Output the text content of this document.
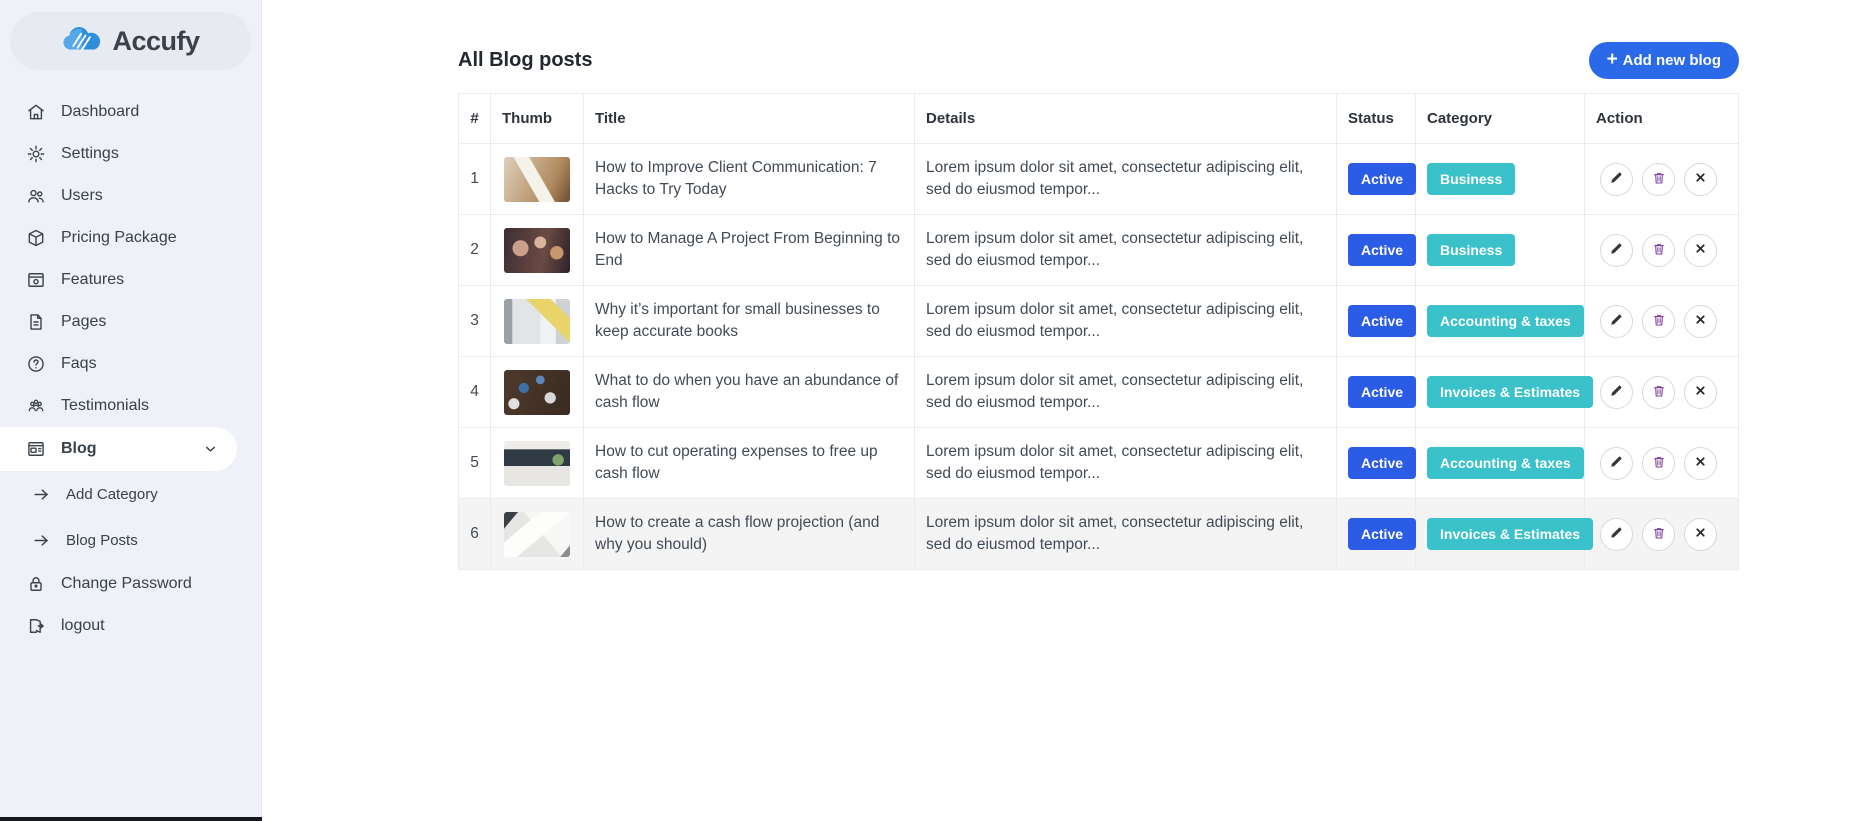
Accufy
Dashboard
Settings
Users
Pricing Package
Features
Pages
Faqs
Testimonials
Blog
Add Category
Blog Posts
Change Password
logout
All Blog posts	+ Add new blog
#	Thumb	Title	Details	Status	Category	Action
1		How to Improve Client Communication: 7 Hacks to Try Today	Lorem ipsum dolor sit amet, consectetur adipiscing elit, sed do eiusmod tempor...	Active	Business	

2		How to Manage A Project From Beginning to End	Lorem ipsum dolor sit amet, consectetur adipiscing elit, sed do eiusmod tempor...	Active	Business	

3		Why it’s important for small businesses to keep accurate books	Lorem ipsum dolor sit amet, consectetur adipiscing elit, sed do eiusmod tempor...	Active	Accounting & taxes	

4		What to do when you have an abundance of cash flow	Lorem ipsum dolor sit amet, consectetur adipiscing elit, sed do eiusmod tempor...	Active	Invoices & Estimates	

5		How to cut operating expenses to free up cash flow	Lorem ipsum dolor sit amet, consectetur adipiscing elit, sed do eiusmod tempor...	Active	Accounting & taxes	

6		How to create a cash flow projection (and why you should)	Lorem ipsum dolor sit amet, consectetur adipiscing elit, sed do eiusmod tempor...	Active	Invoices & Estimates	
